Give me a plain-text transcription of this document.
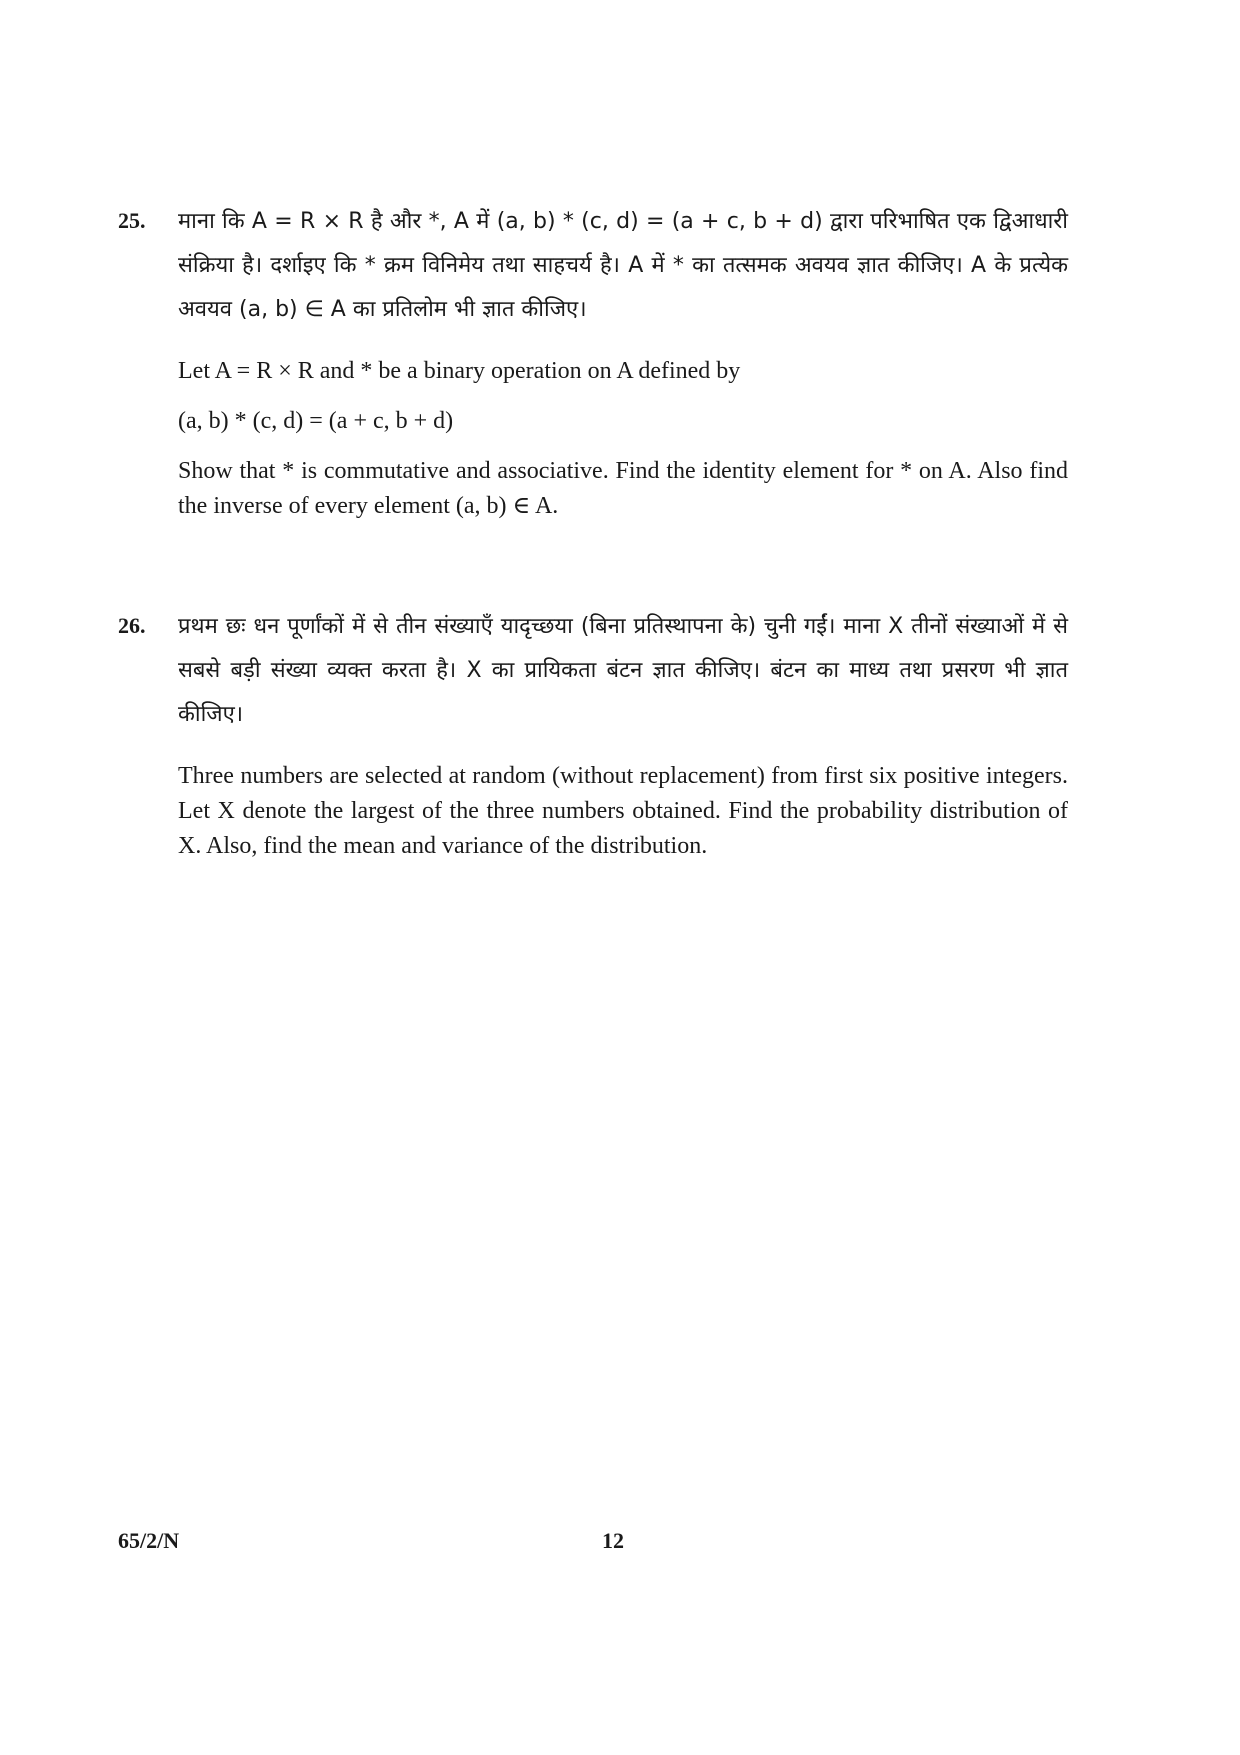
25.	माना कि A = R × R है और *, A में (a, b) * (c, d) = (a + c, b + d) द्वारा परिभाषित एक द्विआधारी संक्रिया है। दर्शाइए कि * क्रम विनिमेय तथा साहचर्य है। A में * का तत्समक अवयव ज्ञात कीजिए। A के प्रत्येक अवयव (a, b) ∈ A का प्रतिलोम भी ज्ञात कीजिए।

Let A = R × R and * be a binary operation on A defined by

(a, b) * (c, d) = (a + c, b + d)

Show that * is commutative and associative. Find the identity element for * on A. Also find the inverse of every element (a, b) ∈ A.

26.	प्रथम छः धन पूर्णांकों में से तीन संख्याएँ यादृच्छया (बिना प्रतिस्थापना के) चुनी गईं। माना X तीनों संख्याओं में से सबसे बड़ी संख्या व्यक्त करता है। X का प्रायिकता बंटन ज्ञात कीजिए। बंटन का माध्य तथा प्रसरण भी ज्ञात कीजिए।

Three numbers are selected at random (without replacement) from first six positive integers. Let X denote the largest of the three numbers obtained. Find the probability distribution of X. Also, find the mean and variance of the distribution.

65/2/N	12
